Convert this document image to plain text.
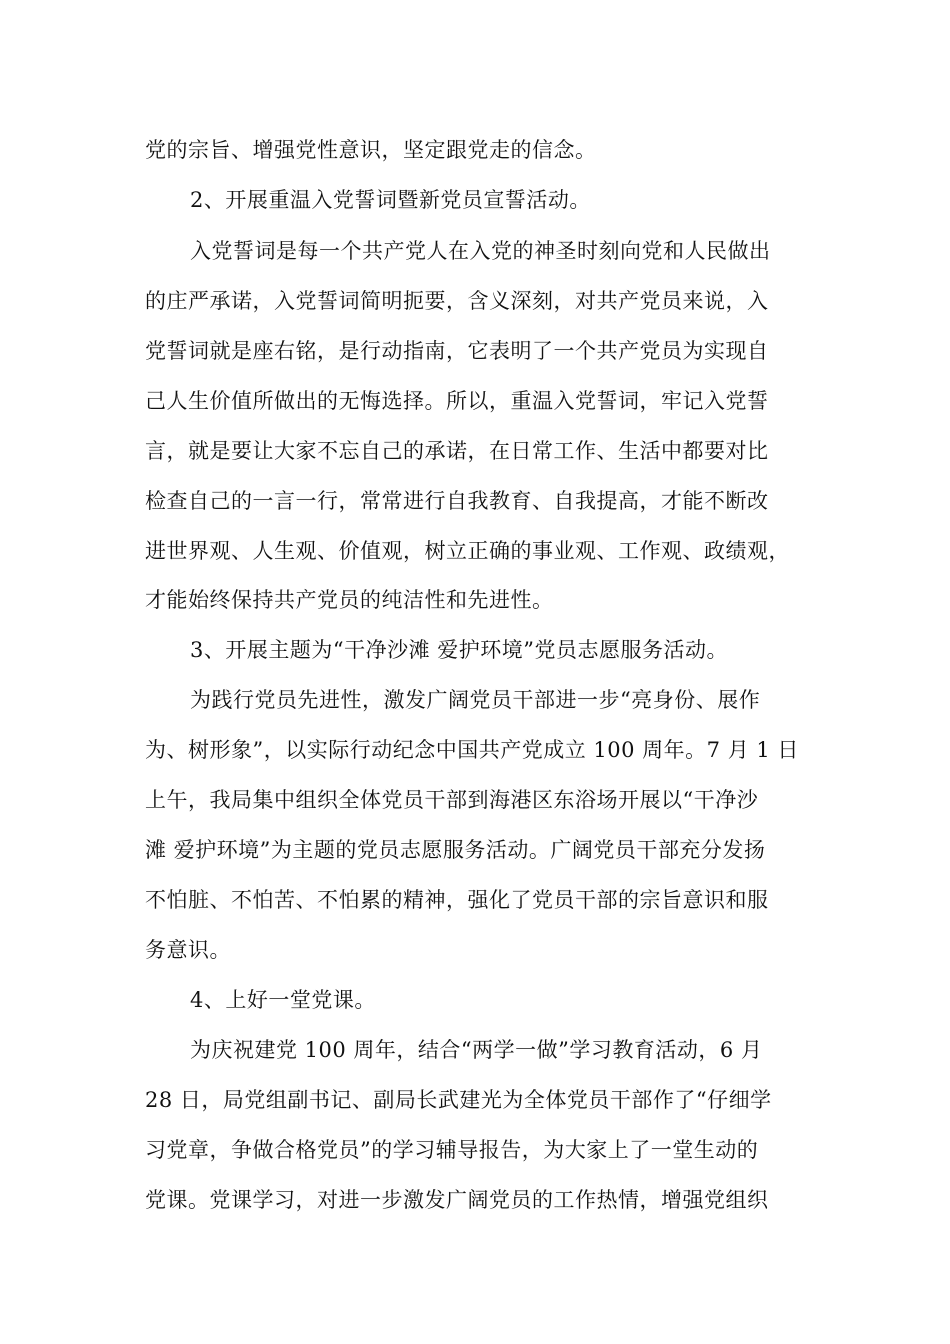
党的宗旨、增强党性意识，坚定跟党走的信念。
2、开展重温入党誓词暨新党员宣誓活动。
入党誓词是每一个共产党人在入党的神圣时刻向党和人民做出
的庄严承诺，入党誓词简明扼要，含义深刻，对共产党员来说，入
党誓词就是座右铭，是行动指南，它表明了一个共产党员为实现自
己人生价值所做出的无悔选择。所以，重温入党誓词，牢记入党誓
言，就是要让大家不忘自己的承诺，在日常工作、生活中都要对比
检查自己的一言一行，常常进行自我教育、自我提高，才能不断改
进世界观、人生观、价值观，树立正确的事业观、工作观、政绩观，
才能始终保持共产党员的纯洁性和先进性。
3、开展主题为“干净沙滩 爱护环境”党员志愿服务活动。
为践行党员先进性，激发广阔党员干部进一步“亮身份、展作
为、树形象”，以实际行动纪念中国共产党成立 100 周年。7 月 1 日
上午，我局集中组织全体党员干部到海港区东浴场开展以“干净沙
滩 爱护环境”为主题的党员志愿服务活动。广阔党员干部充分发扬
不怕脏、不怕苦、不怕累的精神，强化了党员干部的宗旨意识和服
务意识。
4、上好一堂党课。
为庆祝建党 100 周年，结合“两学一做”学习教育活动，6 月
28 日，局党组副书记、副局长武建光为全体党员干部作了“仔细学
习党章，争做合格党员”的学习辅导报告，为大家上了一堂生动的
党课。党课学习，对进一步激发广阔党员的工作热情，增强党组织
